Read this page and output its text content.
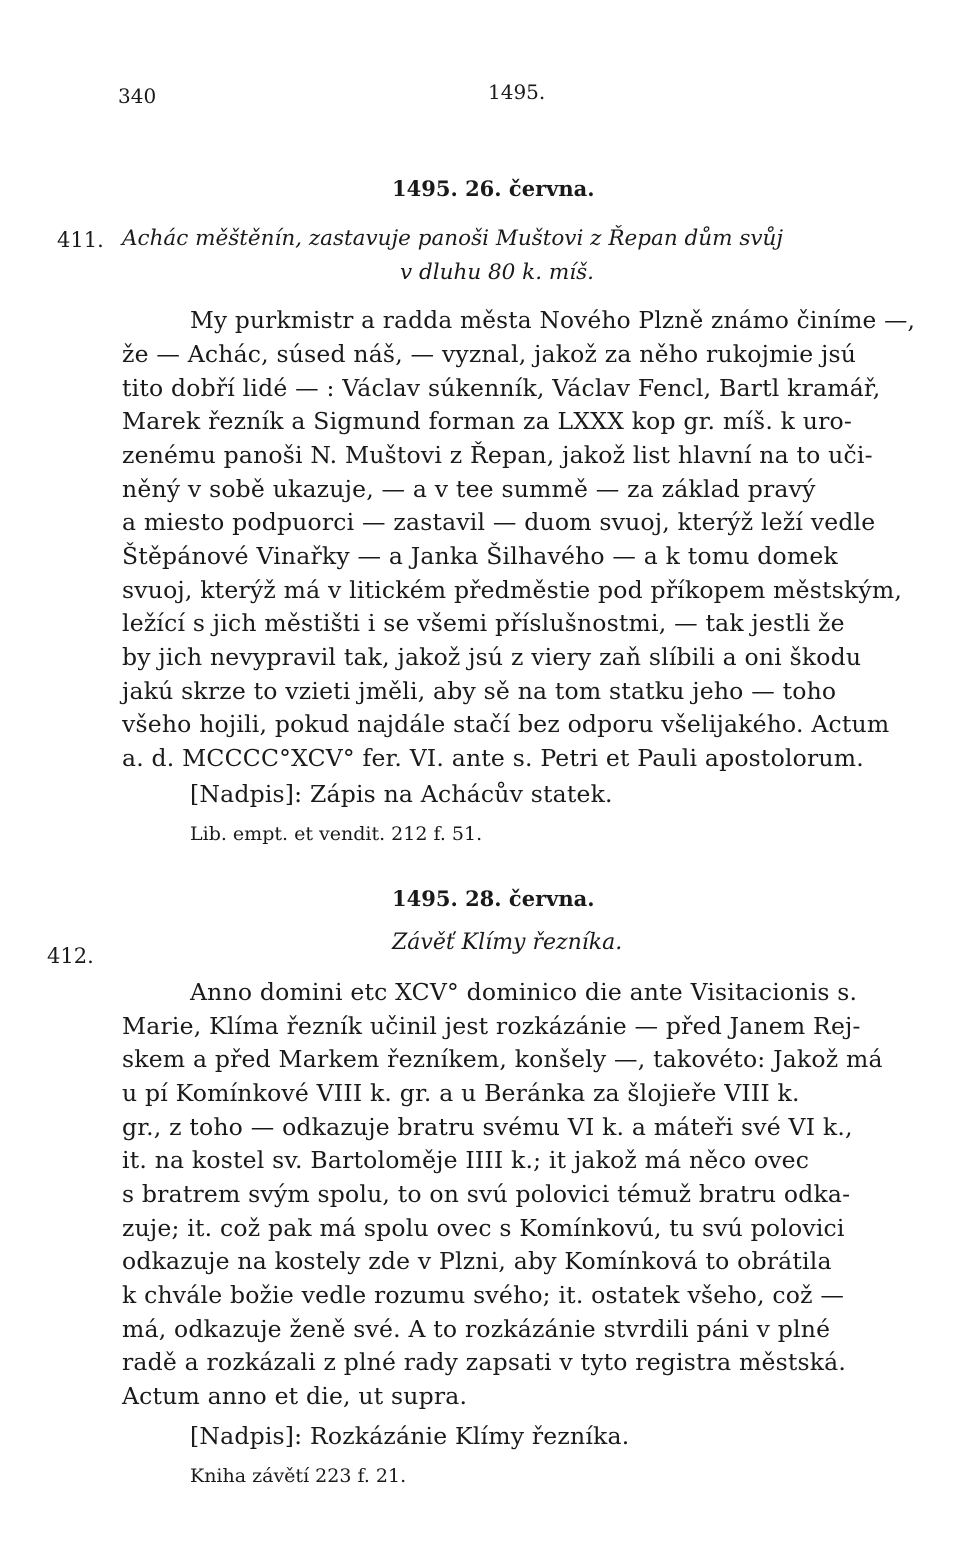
340	1495.
1495. 26. června.
411. Acháс měštěnín, zastavuje panoši Muštovi z Řepan dům svůj
v dluhu 80 k. míš.
My purkmistr a radda města Nového Plzně známo činíme —,
že — Achác, súsed náš, — vyznal, jakož za něho rukojmie jsú
tito dobří lidé — : Václav súkenník, Václav Fencl, Bartl kramář,
Marek řezník a Sigmund forman za LXXX kop gr. míš. k uro-
zenému panoši N. Muštovi z Řepan, jakož list hlavní na to uči-
něný v sobě ukazuje, — a v tee summě — za základ pravý
a miesto podpuorci — zastavil — duom svuoj, kterýž leží vedle
Štěpánové Vinařky — a Janka Šilhavého — a k tomu domek
svuoj, kterýž má v litickém předměstie pod příkopem městským,
ležící s jich městišti i se všemi příslušnostmi, — tak jestli že
by jich nevypravil tak, jakož jsú z viery zaň slíbili a oni škodu
jakú skrze to vzieti jměli, aby sě na tom statku jeho — toho
všeho hojili, pokud najdále stačí bez odporu všelijakého. Actum
a. d. MCCCC°XCV° fer. VI. ante s. Petri et Pauli apostolorum.
[Nadpis]: Zápis na Achácův statek.
Lib. empt. et vendit. 212 f. 51.
1495. 28. června.
412.
Závěť Klímy řezníka.
Anno domini etc XCV° dominico die ante Visitacionis s.
Marie, Klíma řezník učinil jest rozkázánie — před Janem Rej-
skem a před Markem řezníkem, konšely —, takovéto: Jakož má
u pí Komínkové VIII k. gr. a u Beránka za šlojieře VIII k.
gr., z toho — odkazuje bratru svému VI k. a máteři své VI k.,
it. na kostel sv. Bartoloměje IIII k.; it jakož má něco ovec
s bratrem svým spolu, to on svú polovici témuž bratru odka-
zuje; it. což pak má spolu ovec s Komínkovú, tu svú polovici
odkazuje na kostely zde v Plzni, aby Komínková to obrátila
k chvále božie vedle rozumu svého; it. ostatek všeho, což —
má, odkazuje ženě své. A to rozkázánie stvrdili páni v plné
radě a rozkázali z plné rady zapsati v tyto registra městská.
Actum anno et die, ut supra.
[Nadpis]: Rozkázánie Klímy řezníka.
Kniha závětí 223 f. 21.
